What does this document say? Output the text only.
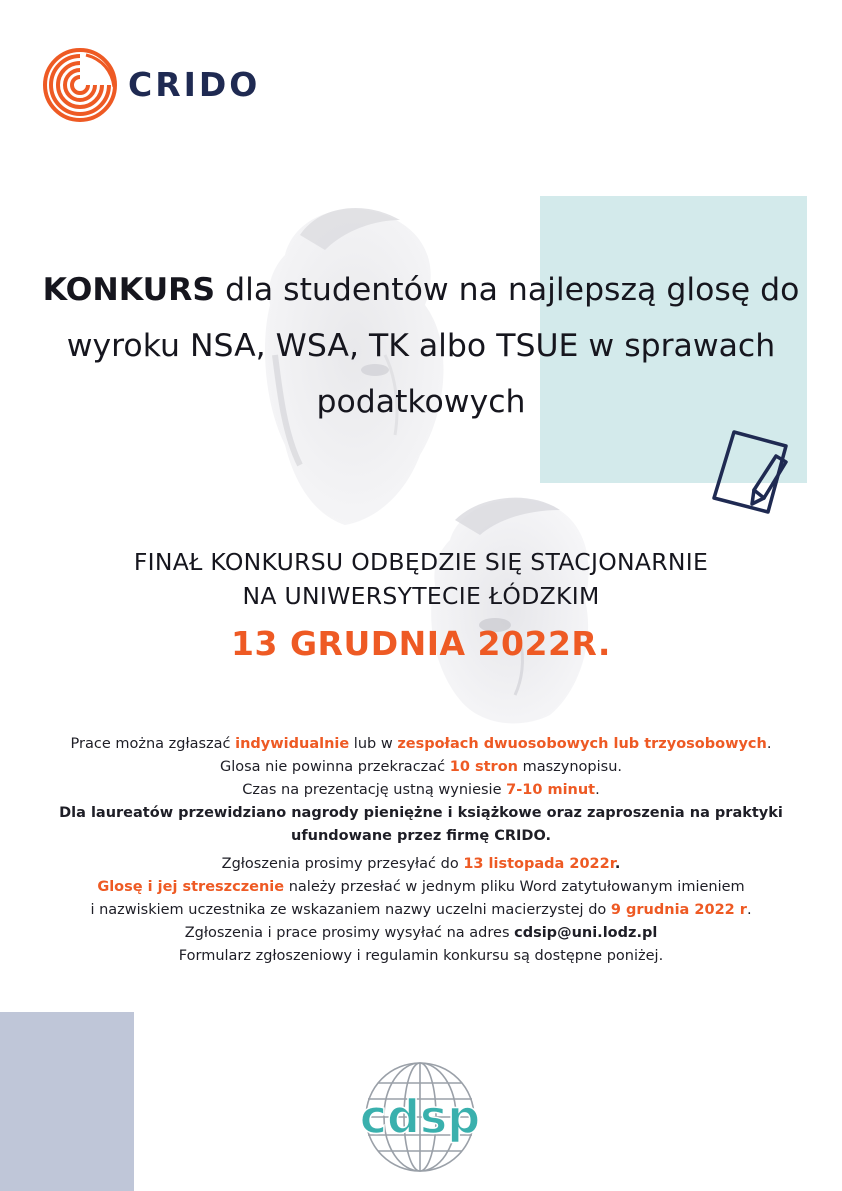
CRIDO
KONKURS dla studentów na najlepszą glosę do wyroku NSA, WSA, TK albo TSUE w sprawach podatkowych
FINAŁ KONKURSU ODBĘDZIE SIĘ STACJONARNIE
NA UNIWERSYTECIE ŁÓDZKIM
13 GRUDNIA 2022R.
Prace można zgłaszać indywidualnie lub w zespołach dwuosobowych lub trzyosobowych.
Glosa nie powinna przekraczać 10 stron maszynopisu.
Czas na prezentację ustną wyniesie 7-10 minut.
Dla laureatów przewidziano nagrody pieniężne i książkowe oraz zaproszenia na praktyki
ufundowane przez firmę CRIDO.
Zgłoszenia prosimy przesyłać do 13 listopada 2022r.
Glosę i jej streszczenie należy przesłać w jednym pliku Word zatytułowanym imieniem
i nazwiskiem uczestnika ze wskazaniem nazwy uczelni macierzystej do 9 grudnia 2022 r.
Zgłoszenia i prace prosimy wysyłać na adres cdsip@uni.lodz.pl
Formularz zgłoszeniowy i regulamin konkursu są dostępne poniżej.
cdsp
